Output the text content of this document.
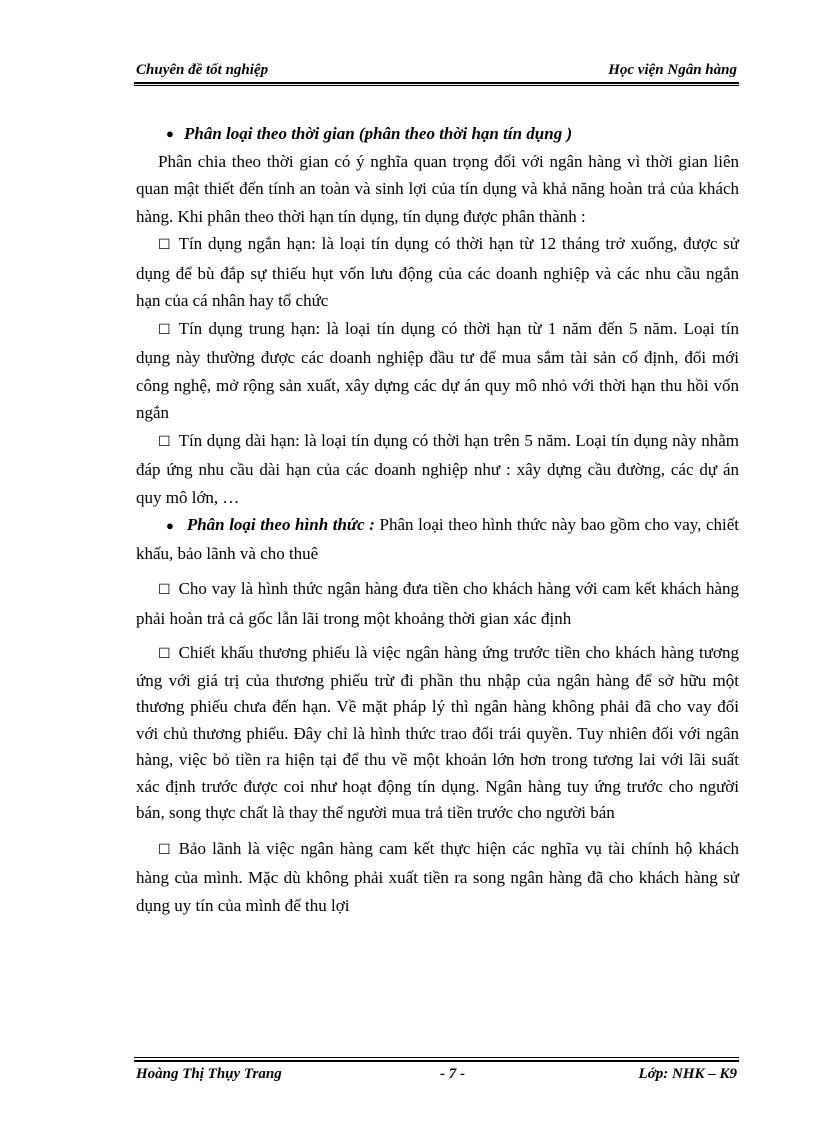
Chuyên đề tốt nghiệp	Học viện Ngân hàng

● Phân loại theo thời gian (phân theo thời hạn tín dụng )

Phân chia theo thời gian có ý nghĩa quan trọng đối với ngân hàng vì thời gian liên quan mật thiết đến tính an toàn và sinh lợi của tín dụng và khả năng hoàn trả của khách hàng. Khi phân theo thời hạn tín dụng, tín dụng được phân thành :

☐ Tín dụng ngắn hạn: là loại tín dụng có thời hạn từ 12 tháng trở xuống, được sử dụng để bù đắp sự thiếu hụt vốn lưu động của các doanh nghiệp và các nhu cầu ngắn hạn của cá nhân hay tổ chức

☐ Tín dụng trung hạn: là loại tín dụng có thời hạn từ 1 năm đến 5 năm. Loại tín dụng này thường được các doanh nghiệp đầu tư để mua sắm tài sản cố định, đổi mới công nghệ, mở rộng sản xuất, xây dựng các dự án quy mô nhỏ với thời hạn thu hồi vốn ngắn

☐ Tín dụng dài hạn: là loại tín dụng có thời hạn trên 5 năm. Loại tín dụng này nhằm đáp ứng nhu cầu dài hạn của các doanh nghiệp như : xây dựng cầu đường, các dự án quy mô lớn, …

● Phân loại theo hình thức : Phân loại theo hình thức này bao gồm cho vay, chiết khấu, bảo lãnh và cho thuê

☐ Cho vay là hình thức ngân hàng đưa tiền cho khách hàng với cam kết khách hàng phải hoàn trả cả gốc lẫn lãi trong một khoảng thời gian xác định

☐ Chiết khấu thương phiếu là việc ngân hàng ứng trước tiền cho khách hàng tương ứng với giá trị của thương phiếu trừ đi phần thu nhập của ngân hàng để sở hữu một thương phiếu chưa đến hạn. Về mặt pháp lý thì ngân hàng không phải đã cho vay đối với chủ thương phiếu. Đây chỉ là hình thức trao đổi trái quyền. Tuy nhiên đối với ngân hàng, việc bỏ tiền ra hiện tại để thu về một khoản lớn hơn trong tương lai với lãi suất xác định trước được coi như hoạt động tín dụng. Ngân hàng tuy ứng trước cho người bán, song thực chất là thay thế người mua trả tiền trước cho người bán

☐ Bảo lãnh là việc ngân hàng cam kết thực hiện các nghĩa vụ tài chính hộ khách hàng của mình. Mặc dù không phải xuất tiền ra song ngân hàng đã cho khách hàng sử dụng uy tín của mình để thu lợi

Hoàng Thị Thụy Trang	- 7 -	Lớp: NHK – K9
